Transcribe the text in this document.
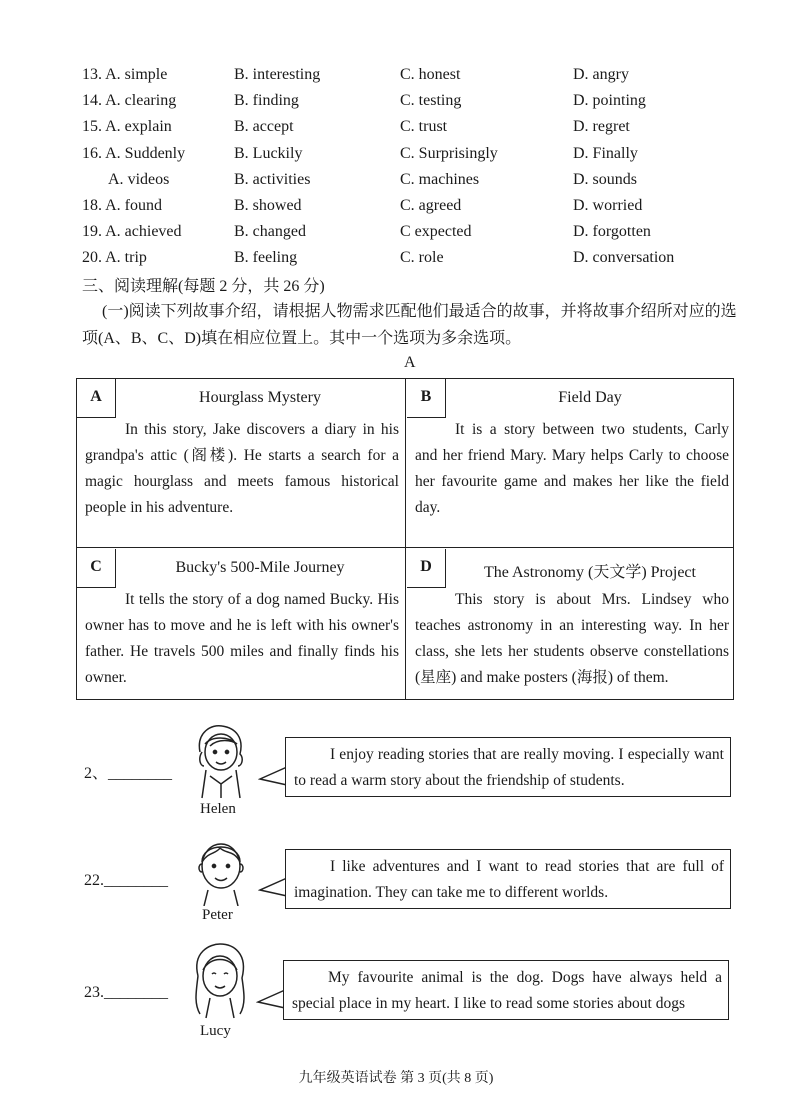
13. A. simple	B. interesting	C. honest	D. angry
14. A. clearing	B. finding	C. testing	D. pointing
15. A. explain	B. accept	C. trust	D. regret
16. A. Suddenly	B. Luckily	C. Surprisingly	D. Finally
A. videos	B. activities	C. machines	D. sounds
18. A. found	B. showed	C. agreed	D. worried
19. A. achieved	B. changed	C expected	D. forgotten
20. A. trip	B. feeling	C. role	D. conversation
三、阅读理解(每题 2 分，共 26 分)
(一)阅读下列故事介绍，请根据人物需求匹配他们最适合的故事，并将故事介绍所对应的选项(A、B、C、D)填在相应位置上。其中一个选项为多余选项。
A
A	Hourglass Mystery
In this story, Jake discovers a diary in his grandpa's attic (阁楼). He starts a search for a magic hourglass and meets famous historical people in his adventure.
B	Field Day
It is a story between two students, Carly and her friend Mary. Mary helps Carly to choose her favourite game and makes her like the field day.
C	Bucky's 500-Mile Journey
It tells the story of a dog named Bucky. His owner has to move and he is left with his owner's father. He travels 500 miles and finally finds his owner.
D	The Astronomy (天文学) Project
This story is about Mrs. Lindsey who teaches astronomy in an interesting way. In her class, she lets her students observe constellations (星座) and make posters (海报) of them.
2、________
Helen
I enjoy reading stories that are really moving. I especially want to read a warm story about the friendship of students.
22.________
Peter
I like adventures and I want to read stories that are full of imagination. They can take me to different worlds.
23.________
Lucy
My favourite animal is the dog. Dogs have always held a special place in my heart. I like to read some stories about dogs
九年级英语试卷 第 3 页(共 8 页)
